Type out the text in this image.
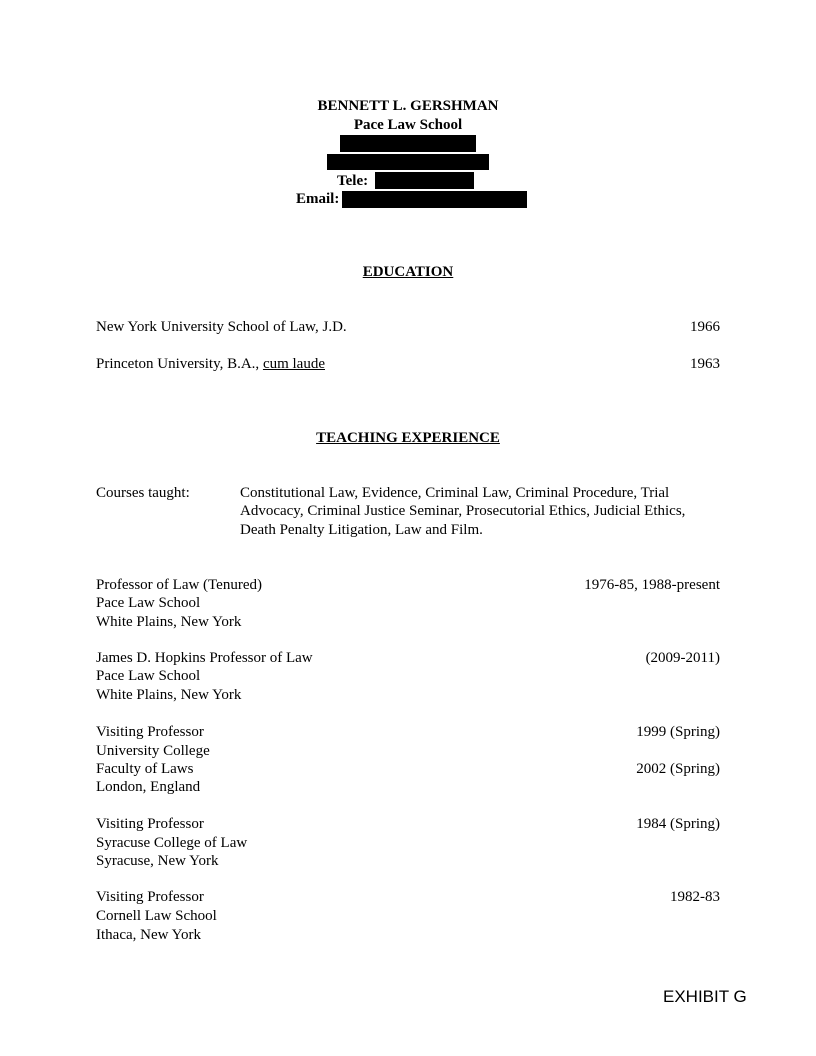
BENNETT L. GERSHMAN
Pace Law School
Tele:
Email:
EDUCATION
New York University School of Law, J.D.	1966
Princeton University, B.A., cum laude	1963
TEACHING EXPERIENCE
Courses taught:	Constitutional Law, Evidence, Criminal Law, Criminal Procedure, Trial
Advocacy, Criminal Justice Seminar, Prosecutorial Ethics, Judicial Ethics,
Death Penalty Litigation, Law and Film.
Professor of Law (Tenured)	1976-85, 1988-present
Pace Law School
White Plains, New York
James D. Hopkins Professor of Law	(2009-2011)
Pace Law School
White Plains, New York
Visiting Professor	1999 (Spring)
University College
Faculty of Laws	2002 (Spring)
London, England
Visiting Professor	1984 (Spring)
Syracuse College of Law
Syracuse, New York
Visiting Professor	1982-83
Cornell Law School
Ithaca, New York
EXHIBIT G
